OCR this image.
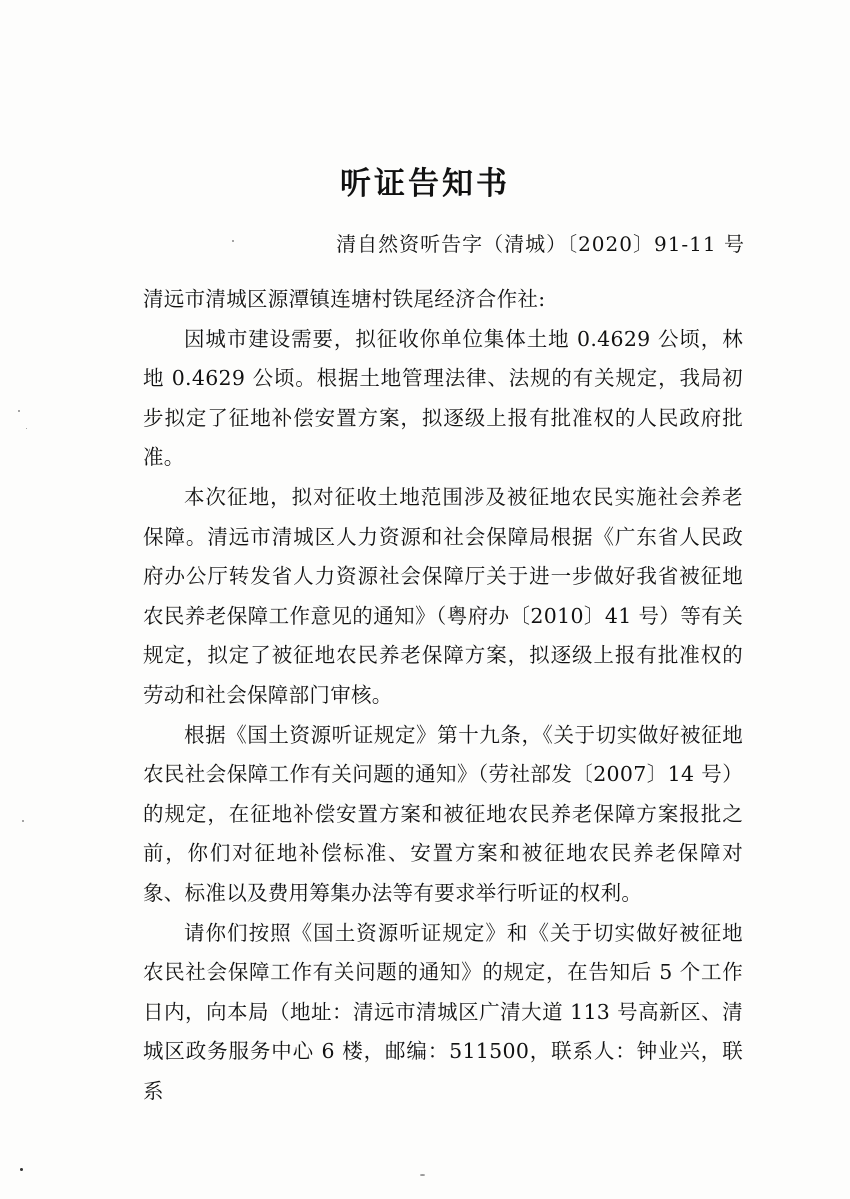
听证告知书
清自然资听告字（清城）〔2020〕91-11 号

清远市清城区源潭镇连塘村铁尾经济合作社:

因城市建设需要，拟征收你单位集体土地 0.4629 公顷，林地 0.4629 公顷。根据土地管理法律、法规的有关规定，我局初步拟定了征地补偿安置方案，拟逐级上报有批准权的人民政府批准。

本次征地，拟对征收土地范围涉及被征地农民实施社会养老保障。清远市清城区人力资源和社会保障局根据《广东省人民政府办公厅转发省人力资源社会保障厅关于进一步做好我省被征地农民养老保障工作意见的通知》（粤府办〔2010〕41 号）等有关规定，拟定了被征地农民养老保障方案，拟逐级上报有批准权的劳动和社会保障部门审核。

根据《国土资源听证规定》第十九条，《关于切实做好被征地农民社会保障工作有关问题的通知》（劳社部发〔2007〕14 号）的规定，在征地补偿安置方案和被征地农民养老保障方案报批之前，你们对征地补偿标准、安置方案和被征地农民养老保障对象、标准以及费用筹集办法等有要求举行听证的权利。

请你们按照《国土资源听证规定》和《关于切实做好被征地农民社会保障工作有关问题的通知》的规定，在告知后 5 个工作日内，向本局（地址：清远市清城区广清大道 113 号高新区、清城区政务服务中心 6 楼，邮编：511500，联系人：钟业兴，联系
